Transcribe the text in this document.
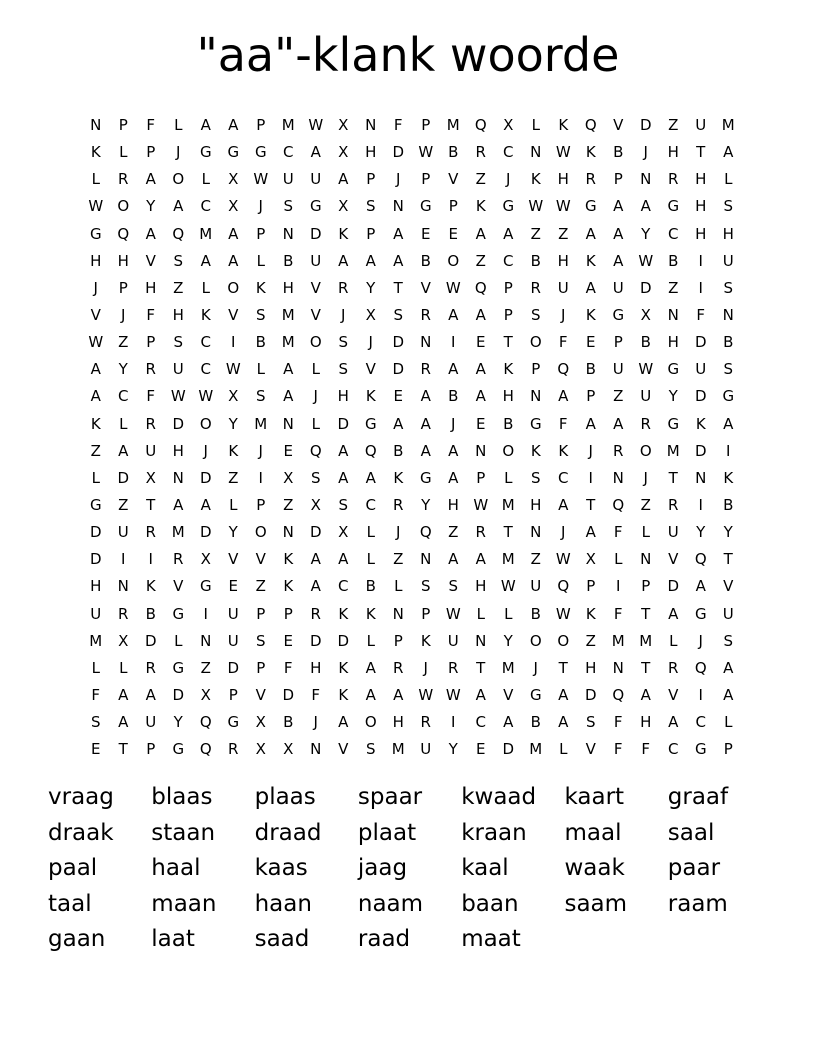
"aa"-klank woorde
N	P	F	L	A	A	P	M W X	N	F	P	M	Q	X	L	K	Q	V	D	Z	U	M
K	L	P	J	G	G	G	C	A	X	H	D W B	R	C	N W	K	B	J	H	T	A
L	R	A	O	L	X W U	U	A	P	J	P	V	Z	J	K	H	R	P	N	R	H	L
W O	Y	A	C	X	J	S	G	X	S	N	G	P	K	G W W G	A	A	G	H	S
G	Q	A	Q	M	A	P	N	D	K	P	A	E	E	A	A	Z	Z	A	A	Y	C	H	H
H	H	V	S	A	A	L	B	U	A	A	A	B	O	Z	C	B	H	K	A W B	I	U
J	P	H	Z	L	O	K	H	V	R	Y	T	V W Q	P	R	U	A	U	D	Z	I	S
V	J	F	H	K	V	S	M	V	J	X	S	R	A	A	P	S	J	K	G	X	N	F	N
W Z	P	S	C	I	B	M	O	S	J	D	N	I	E	T	O	F	E	P	B	H	D	B
A	Y	R	U	C W	L	A	L	S	V	D	R	A	A	K	P	Q	B	U W G	U	S
A	C	F	W W X	S	A	J	H	K	E	A	B	A	H	N	A	P	Z	U	Y	D	G
K	L	R	D	O	Y	M	N	L	D	G	A	A	J	E	B	G	F	A	A	R	G	K	A
Z	A	U	H	J	K	J	E	Q	A	Q	B	A	A	N	O	K	K	J	R	O	M	D	I
L	D	X	N	D	Z	I	X	S	A	A	K	G	A	P	L	S	C	I	N	J	T	N	K
G	Z	T	A	A	L	P	Z	X	S	C	R	Y	H W M	H	A	T	Q	Z	R	I	B
D	U	R	M	D	Y	O	N	D	X	L	J	Q	Z	R	T	N	J	A	F	L	U	Y	Y
D	I	I	R	X	V	V	K	A	A	L	Z	N	A	A	M	Z W X	L	N	V	Q	T
H	N	K	V	G	E	Z	K	A	C	B	L	S	S	H W U	Q	P	I	P	D	A	V
U	R	B	G	I	U	P	P	R	K	K	N	P	W	L	L	B W	K	F	T	A	G	U
M	X	D	L	N	U	S	E	D	D	L	P	K	U	N	Y	O	O	Z	M M	L	J	S
L	L	R	G	Z	D	P	F	H	K	A	R	J	R	T	M	J	T	H	N	T	R	Q	A
F	A	A	D	X	P	V	D	F	K	A	A W W A	V	G	A	D	Q	A	V	I	A
S	A	U	Y	Q	G	X	B	J	A	O	H	R	I	C	A	B	A	S	F	H	A	C	L
E	T	P	G	Q	R	X	X	N	V	S	M	U	Y	E	D	M	L	V	F	F	C	G	P
vraag	blaas	plaas	spaar	kwaad	kaart	graaf
draak	staan	draad	plaat	kraan	maal	saal
paal	haal	kaas	jaag	kaal	waak	paar
taal	maan	haan	naam	baan	saam	raam
gaan	laat	saad	raad	maat
